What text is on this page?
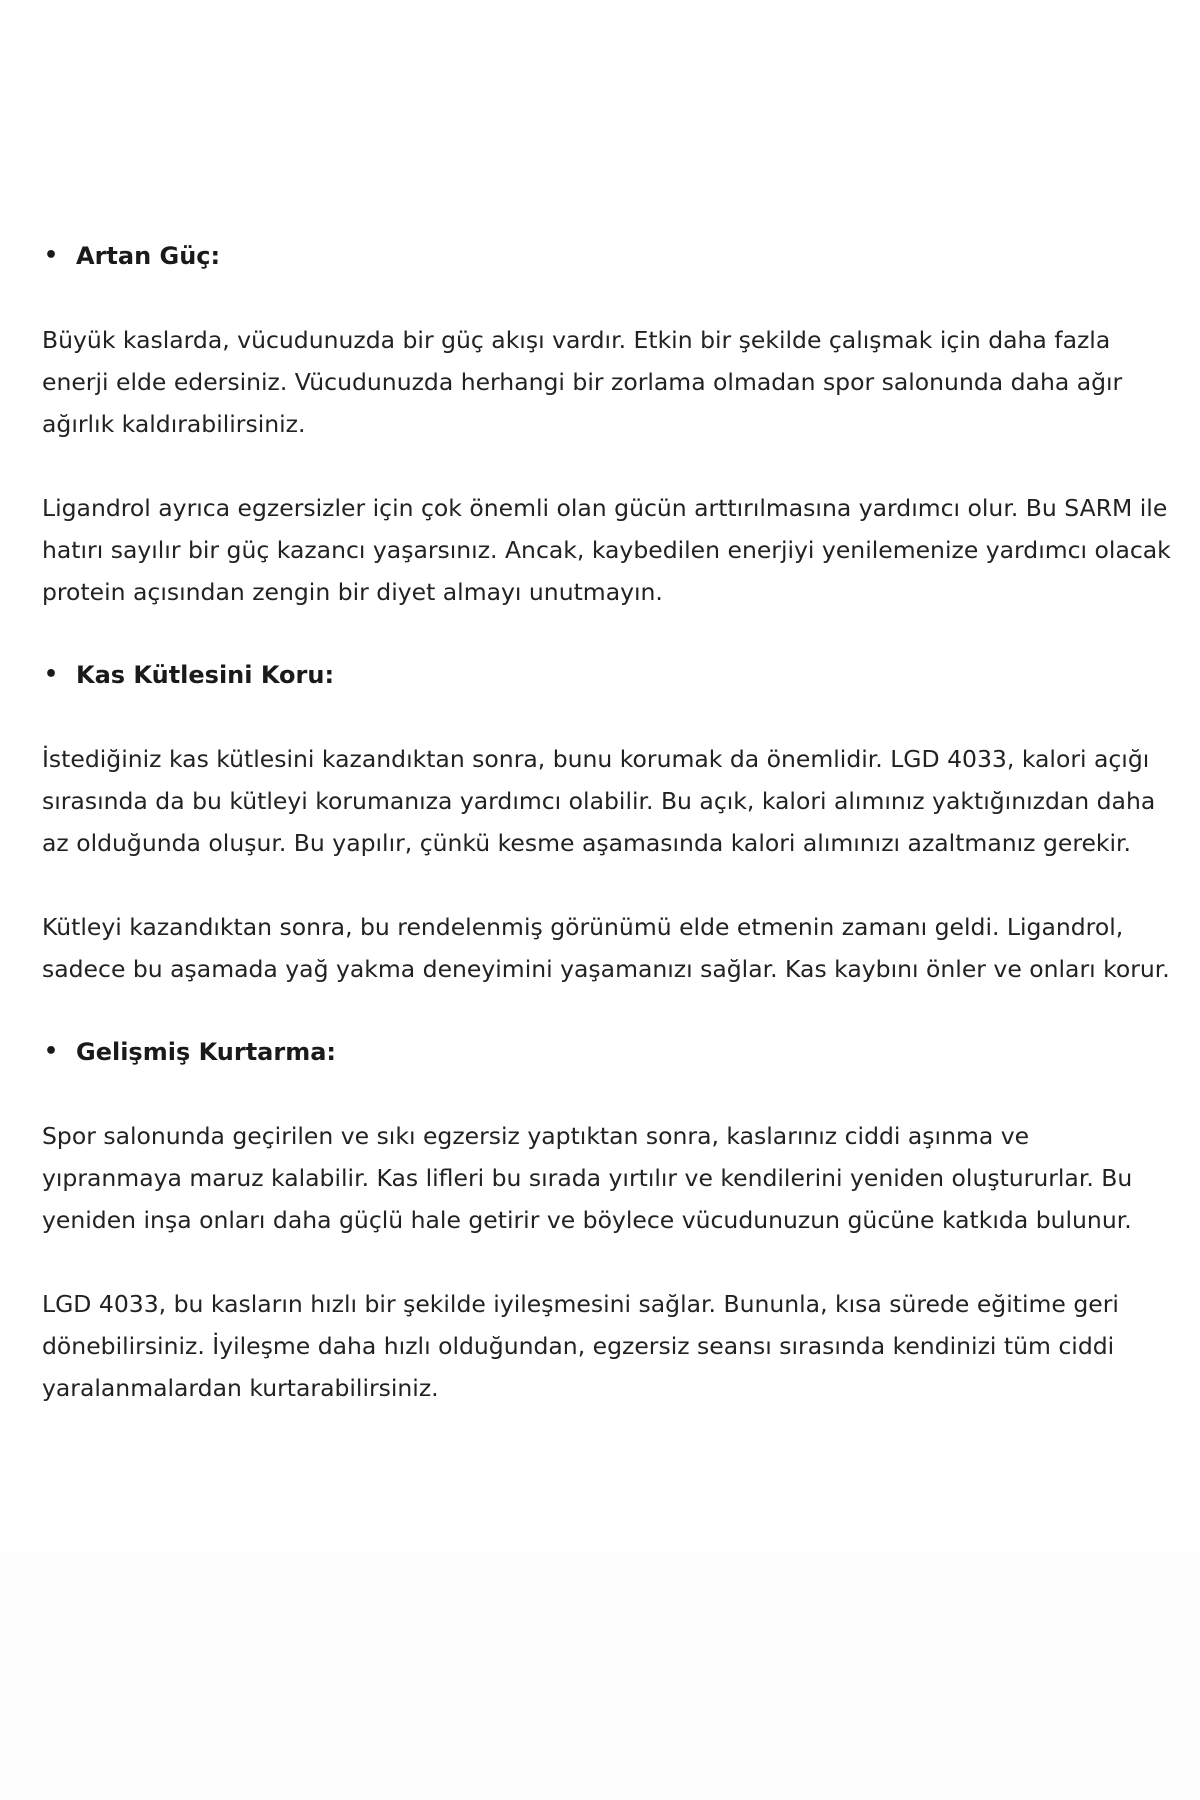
• Artan Güç:

Büyük kaslarda, vücudunuzda bir güç akışı vardır. Etkin bir şekilde çalışmak için daha fazla enerji elde edersiniz. Vücudunuzda herhangi bir zorlama olmadan spor salonunda daha ağır ağırlık kaldırabilirsiniz.

Ligandrol ayrıca egzersizler için çok önemli olan gücün arttırılmasına yardımcı olur. Bu SARM ile hatırı sayılır bir güç kazancı yaşarsınız. Ancak, kaybedilen enerjiyi yenilemenize yardımcı olacak protein açısından zengin bir diyet almayı unutmayın.

• Kas Kütlesini Koru:

İstediğiniz kas kütlesini kazandıktan sonra, bunu korumak da önemlidir. LGD 4033, kalori açığı sırasında da bu kütleyi korumanıza yardımcı olabilir. Bu açık, kalori alımınız yaktığınızdan daha az olduğunda oluşur. Bu yapılır, çünkü kesme aşamasında kalori alımınızı azaltmanız gerekir.

Kütleyi kazandıktan sonra, bu rendelenmiş görünümü elde etmenin zamanı geldi. Ligandrol, sadece bu aşamada yağ yakma deneyimini yaşamanızı sağlar. Kas kaybını önler ve onları korur.

• Gelişmiş Kurtarma:

Spor salonunda geçirilen ve sıkı egzersiz yaptıktan sonra, kaslarınız ciddi aşınma ve yıpranmaya maruz kalabilir. Kas lifleri bu sırada yırtılır ve kendilerini yeniden oluştururlar. Bu yeniden inşa onları daha güçlü hale getirir ve böylece vücudunuzun gücüne katkıda bulunur.

LGD 4033, bu kasların hızlı bir şekilde iyileşmesini sağlar. Bununla, kısa sürede eğitime geri dönebilirsiniz. İyileşme daha hızlı olduğundan, egzersiz seansı sırasında kendinizi tüm ciddi yaralanmalardan kurtarabilirsiniz.
